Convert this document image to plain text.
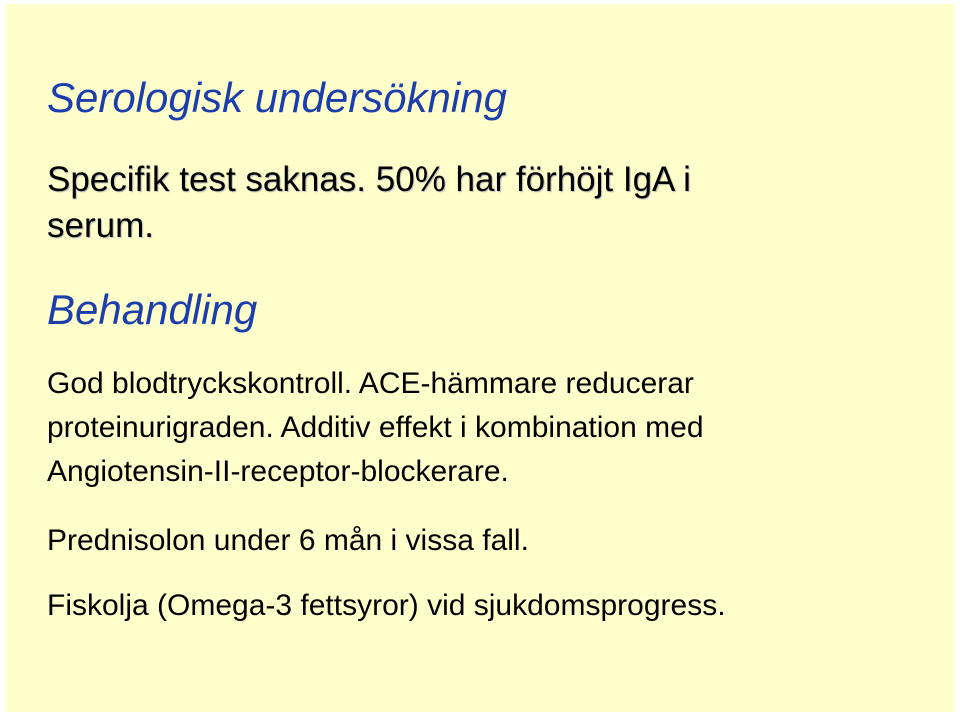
Serologisk undersökning

Specifik test saknas. 50% har förhöjt IgA i
serum.

Behandling

God blodtryckskontroll. ACE-hämmare reducerar
proteinurigraden. Additiv effekt i kombination med
Angiotensin-II-receptor-blockerare.

Prednisolon under 6 mån i vissa fall.

Fiskolja (Omega-3 fettsyror) vid sjukdomsprogress.
